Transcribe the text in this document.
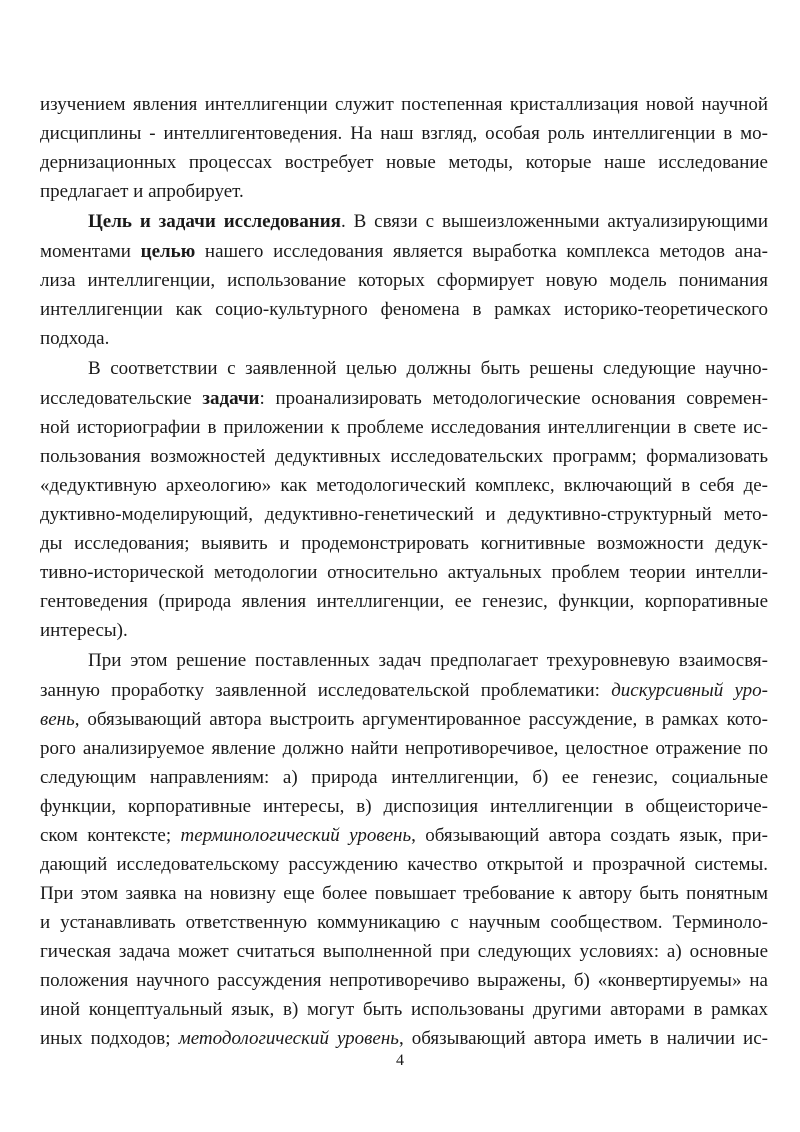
изучением явления интеллигенции служит постепенная кристаллизация новой научной
дисциплины - интеллигентоведения. На наш взгляд, особая роль интеллигенции в мо-
дернизационных процессах востребует новые методы, которые наше исследование
предлагает и апробирует.
Цель и задачи исследования. В связи с вышеизложенными актуализирующими
моментами целью нашего исследования является выработка комплекса методов ана-
лиза интеллигенции, использование которых сформирует новую модель понимания
интеллигенции как социо-культурного феномена в рамках историко-теоретического
подхода.
В соответствии с заявленной целью должны быть решены следующие научно-
исследовательские задачи: проанализировать методологические основания современ-
ной историографии в приложении к проблеме исследования интеллигенции в свете ис-
пользования возможностей дедуктивных исследовательских программ; формализовать
«дедуктивную археологию» как методологический комплекс, включающий в себя де-
дуктивно-моделирующий, дедуктивно-генетический и дедуктивно-структурный мето-
ды исследования; выявить и продемонстрировать когнитивные возможности дедук-
тивно-исторической методологии относительно актуальных проблем теории интелли-
гентоведения (природа явления интеллигенции, ее генезис, функции, корпоративные
интересы).
При этом решение поставленных задач предполагает трехуровневую взаимосвя-
занную проработку заявленной исследовательской проблематики: дискурсивный уро-
вень, обязывающий автора выстроить аргументированное рассуждение, в рамках кото-
рого анализируемое явление должно найти непротиворечивое, целостное отражение по
следующим направлениям: а) природа интеллигенции, б) ее генезис, социальные
функции, корпоративные интересы, в) диспозиция интеллигенции в общеисториче-
ском контексте; терминологический уровень, обязывающий автора создать язык, при-
дающий исследовательскому рассуждению качество открытой и прозрачной системы.
При этом заявка на новизну еще более повышает требование к автору быть понятным
и устанавливать ответственную коммуникацию с научным сообществом. Терминоло-
гическая задача может считаться выполненной при следующих условиях: а) основные
положения научного рассуждения непротиворечиво выражены, б) «конвертируемы» на
иной концептуальный язык, в) могут быть использованы другими авторами в рамках
иных подходов; методологический уровень, обязывающий автора иметь в наличии ис-
4
